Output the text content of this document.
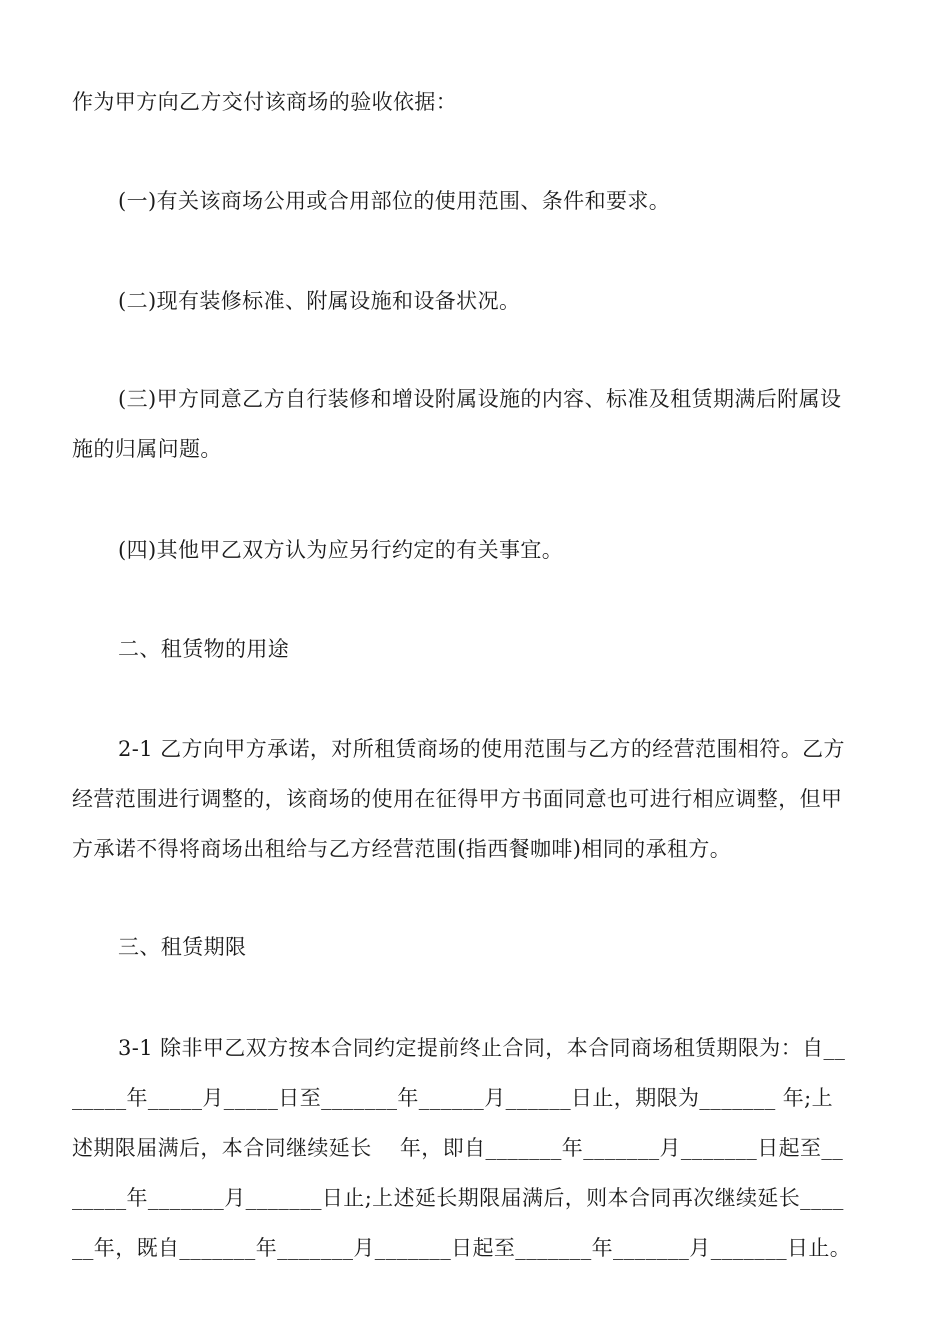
作为甲方向乙方交付该商场的验收依据：
(一)有关该商场公用或合用部位的使用范围、条件和要求。
(二)现有装修标准、附属设施和设备状况。
(三)甲方同意乙方自行装修和增设附属设施的内容、标准及租赁期满后附属设
施的归属问题。
(四)其他甲乙双方认为应另行约定的有关事宜。
二、租赁物的用途
2-1 乙方向甲方承诺，对所租赁商场的使用范围与乙方的经营范围相符。乙方
经营范围进行调整的，该商场的使用在征得甲方书面同意也可进行相应调整，但甲
方承诺不得将商场出租给与乙方经营范围(指西餐咖啡)相同的承租方。
三、租赁期限
3-1 除非甲乙双方按本合同约定提前终止合同，本合同商场租赁期限为：自__
_____年_____月_____日至_______年______月______日止，期限为_______ 年;上
述期限届满后，本合同继续延长    年，即自_______年_______月_______日起至__
_____年_______月_______日止;上述延长期限届满后，则本合同再次继续延长____
__年，既自_______年_______月_______日起至_______年_______月_______日止。
